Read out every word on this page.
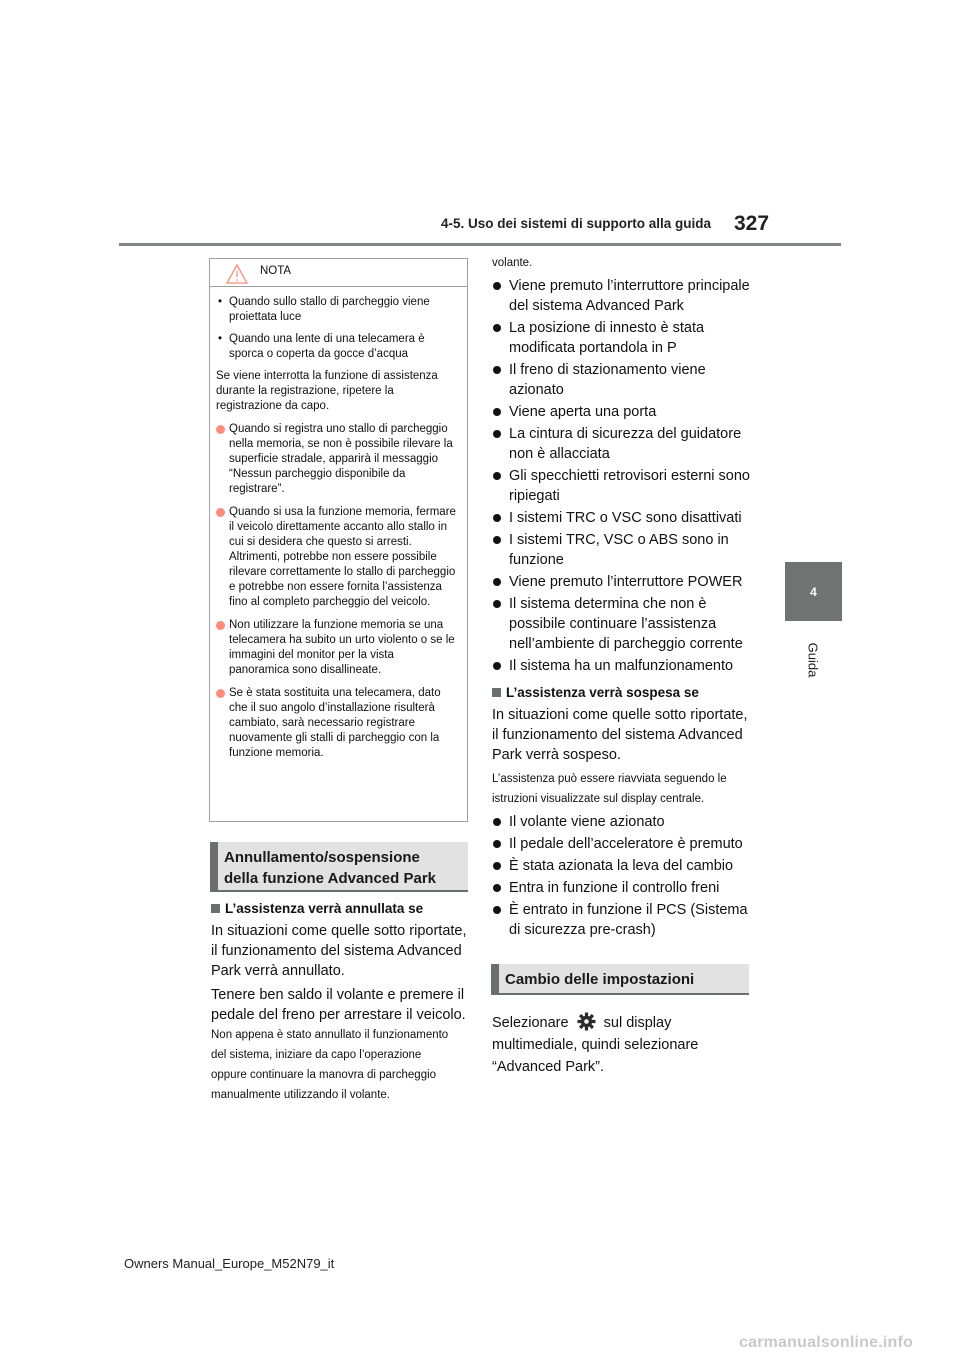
4-5. Uso dei sistemi di supporto alla guida 327
4
Guida
NOTA
• Quando sullo stallo di parcheggio viene proiettata luce
• Quando una lente di una telecamera è sporca o coperta da gocce d’acqua
Se viene interrotta la funzione di assistenza durante la registrazione, ripetere la registrazione da capo.
Quando si registra uno stallo di parcheggio nella memoria, se non è possibile rilevare la superficie stradale, apparirà il messaggio “Nessun parcheggio disponibile da registrare”.
Quando si usa la funzione memoria, fermare il veicolo direttamente accanto allo stallo in cui si desidera che questo si arresti. Altrimenti, potrebbe non essere possibile rilevare correttamente lo stallo di parcheggio e potrebbe non essere fornita l’assistenza fino al completo parcheggio del veicolo.
Non utilizzare la funzione memoria se una telecamera ha subito un urto violento o se le immagini del monitor per la vista panoramica sono disallineate.
Se è stata sostituita una telecamera, dato che il suo angolo d’installazione risulterà cambiato, sarà necessario registrare nuovamente gli stalli di parcheggio con la funzione memoria.
Annullamento/sospensione
della funzione Advanced Park
L’assistenza verrà annullata se
In situazioni come quelle sotto riportate, il funzionamento del sistema Advanced Park verrà annullato.
Tenere ben saldo il volante e premere il pedale del freno per arrestare il veicolo.
Non appena è stato annullato il funzionamento del sistema, iniziare da capo l’operazione oppure continuare la manovra di parcheggio manualmente utilizzando il volante.
volante.
Viene premuto l’interruttore principale del sistema Advanced Park
La posizione di innesto è stata modificata portandola in P
Il freno di stazionamento viene azionato
Viene aperta una porta
La cintura di sicurezza del guidatore non è allacciata
Gli specchietti retrovisori esterni sono ripiegati
I sistemi TRC o VSC sono disattivati
I sistemi TRC, VSC o ABS sono in funzione
Viene premuto l’interruttore POWER
Il sistema determina che non è possibile continuare l’assistenza nell’ambiente di parcheggio corrente
Il sistema ha un malfunzionamento
L’assistenza verrà sospesa se
In situazioni come quelle sotto riportate, il funzionamento del sistema Advanced Park verrà sospeso.
L’assistenza può essere riavviata seguendo le istruzioni visualizzate sul display centrale.
Il volante viene azionato
Il pedale dell’acceleratore è premuto
È stata azionata la leva del cambio
Entra in funzione il controllo freni
È entrato in funzione il PCS (Sistema di sicurezza pre-crash)
Cambio delle impostazioni
Selezionare sul display multimediale, quindi selezionare “Advanced Park”.
Owners Manual_Europe_M52N79_it
carmanualsonline.info
